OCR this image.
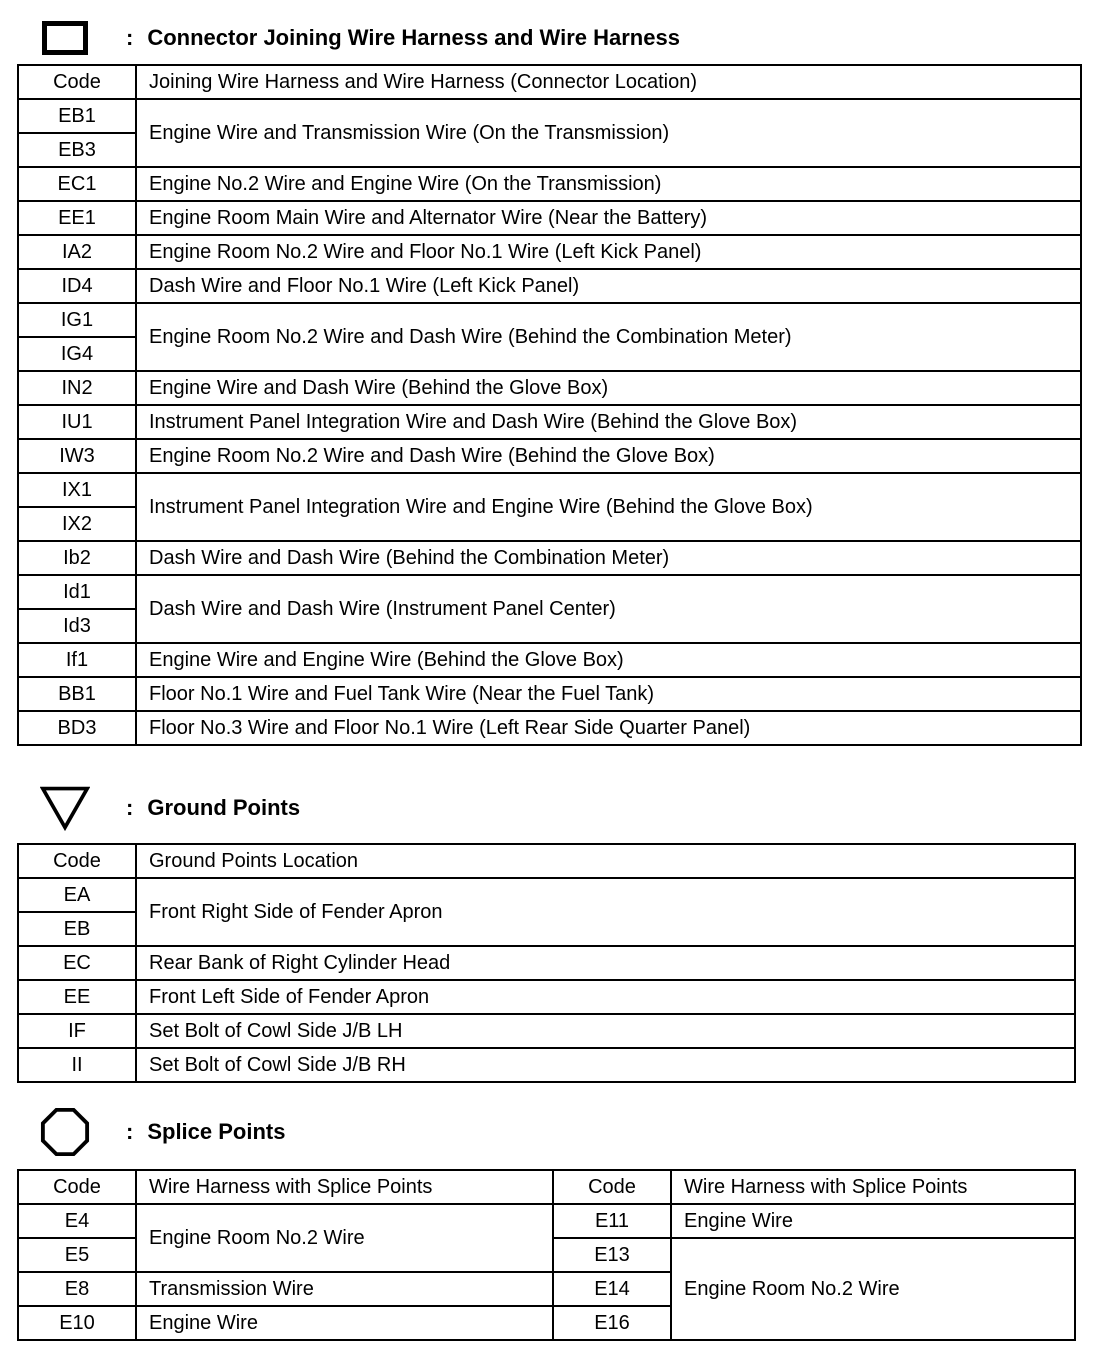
: Connector Joining Wire Harness and Wire Harness
Code	Joining Wire Harness and Wire Harness (Connector Location)
EB1	Engine Wire and Transmission Wire (On the Transmission)
EB3	
EC1	Engine No.2 Wire and Engine Wire (On the Transmission)
EE1	Engine Room Main Wire and Alternator Wire (Near the Battery)
IA2	Engine Room No.2 Wire and Floor No.1 Wire (Left Kick Panel)
ID4	Dash Wire and Floor No.1 Wire (Left Kick Panel)
IG1	Engine Room No.2 Wire and Dash Wire (Behind the Combination Meter)
IG4	
IN2	Engine Wire and Dash Wire (Behind the Glove Box)
IU1	Instrument Panel Integration Wire and Dash Wire (Behind the Glove Box)
IW3	Engine Room No.2 Wire and Dash Wire (Behind the Glove Box)
IX1	Instrument Panel Integration Wire and Engine Wire (Behind the Glove Box)
IX2	
Ib2	Dash Wire and Dash Wire (Behind the Combination Meter)
Id1	Dash Wire and Dash Wire (Instrument Panel Center)
Id3	
If1	Engine Wire and Engine Wire (Behind the Glove Box)
BB1	Floor No.1 Wire and Fuel Tank Wire (Near the Fuel Tank)
BD3	Floor No.3 Wire and Floor No.1 Wire (Left Rear Side Quarter Panel)
: Ground Points
Code	Ground Points Location
EA	Front Right Side of Fender Apron
EB	
EC	Rear Bank of Right Cylinder Head
EE	Front Left Side of Fender Apron
IF	Set Bolt of Cowl Side J/B LH
II	Set Bolt of Cowl Side J/B RH
: Splice Points
Code	Wire Harness with Splice Points	Code	Wire Harness with Splice Points
E4	Engine Room No.2 Wire	E11	Engine Wire
E5		E13	Engine Room No.2 Wire
E8	Transmission Wire	E14	
E10	Engine Wire	E16	
